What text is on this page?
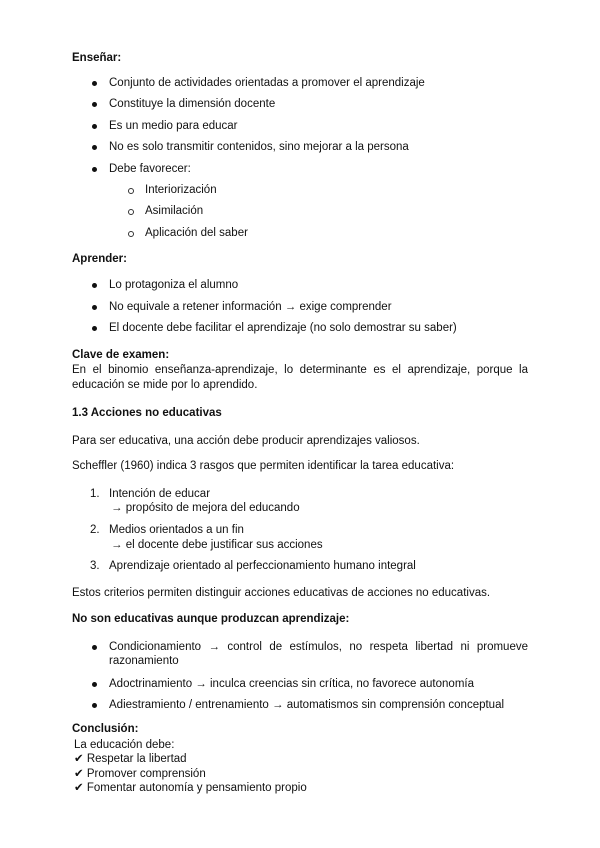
Enseñar:
Conjunto de actividades orientadas a promover el aprendizaje
Constituye la dimensión docente
Es un medio para educar
No es solo transmitir contenidos, sino mejorar a la persona
Debe favorecer:
Interiorización
Asimilación
Aplicación del saber
Aprender:
Lo protagoniza el alumno
No equivale a retener información → exige comprender
El docente debe facilitar el aprendizaje (no solo demostrar su saber)
Clave de examen:
En el binomio enseñanza-aprendizaje, lo determinante es el aprendizaje, porque la
educación se mide por lo aprendido.
1.3 Acciones no educativas
Para ser educativa, una acción debe producir aprendizajes valiosos.
Scheffler (1960) indica 3 rasgos que permiten identificar la tarea educativa:
1. Intención de educar
→ propósito de mejora del educando
2. Medios orientados a un fin
→ el docente debe justificar sus acciones
3. Aprendizaje orientado al perfeccionamiento humano integral
Estos criterios permiten distinguir acciones educativas de acciones no educativas.
No son educativas aunque produzcan aprendizaje:
Condicionamiento → control de estímulos, no respeta libertad ni promueve
razonamiento
Adoctrinamiento → inculca creencias sin crítica, no favorece autonomía
Adiestramiento / entrenamiento → automatismos sin comprensión conceptual
Conclusión:
La educación debe:
✔ Respetar la libertad
✔ Promover comprensión
✔ Fomentar autonomía y pensamiento propio
